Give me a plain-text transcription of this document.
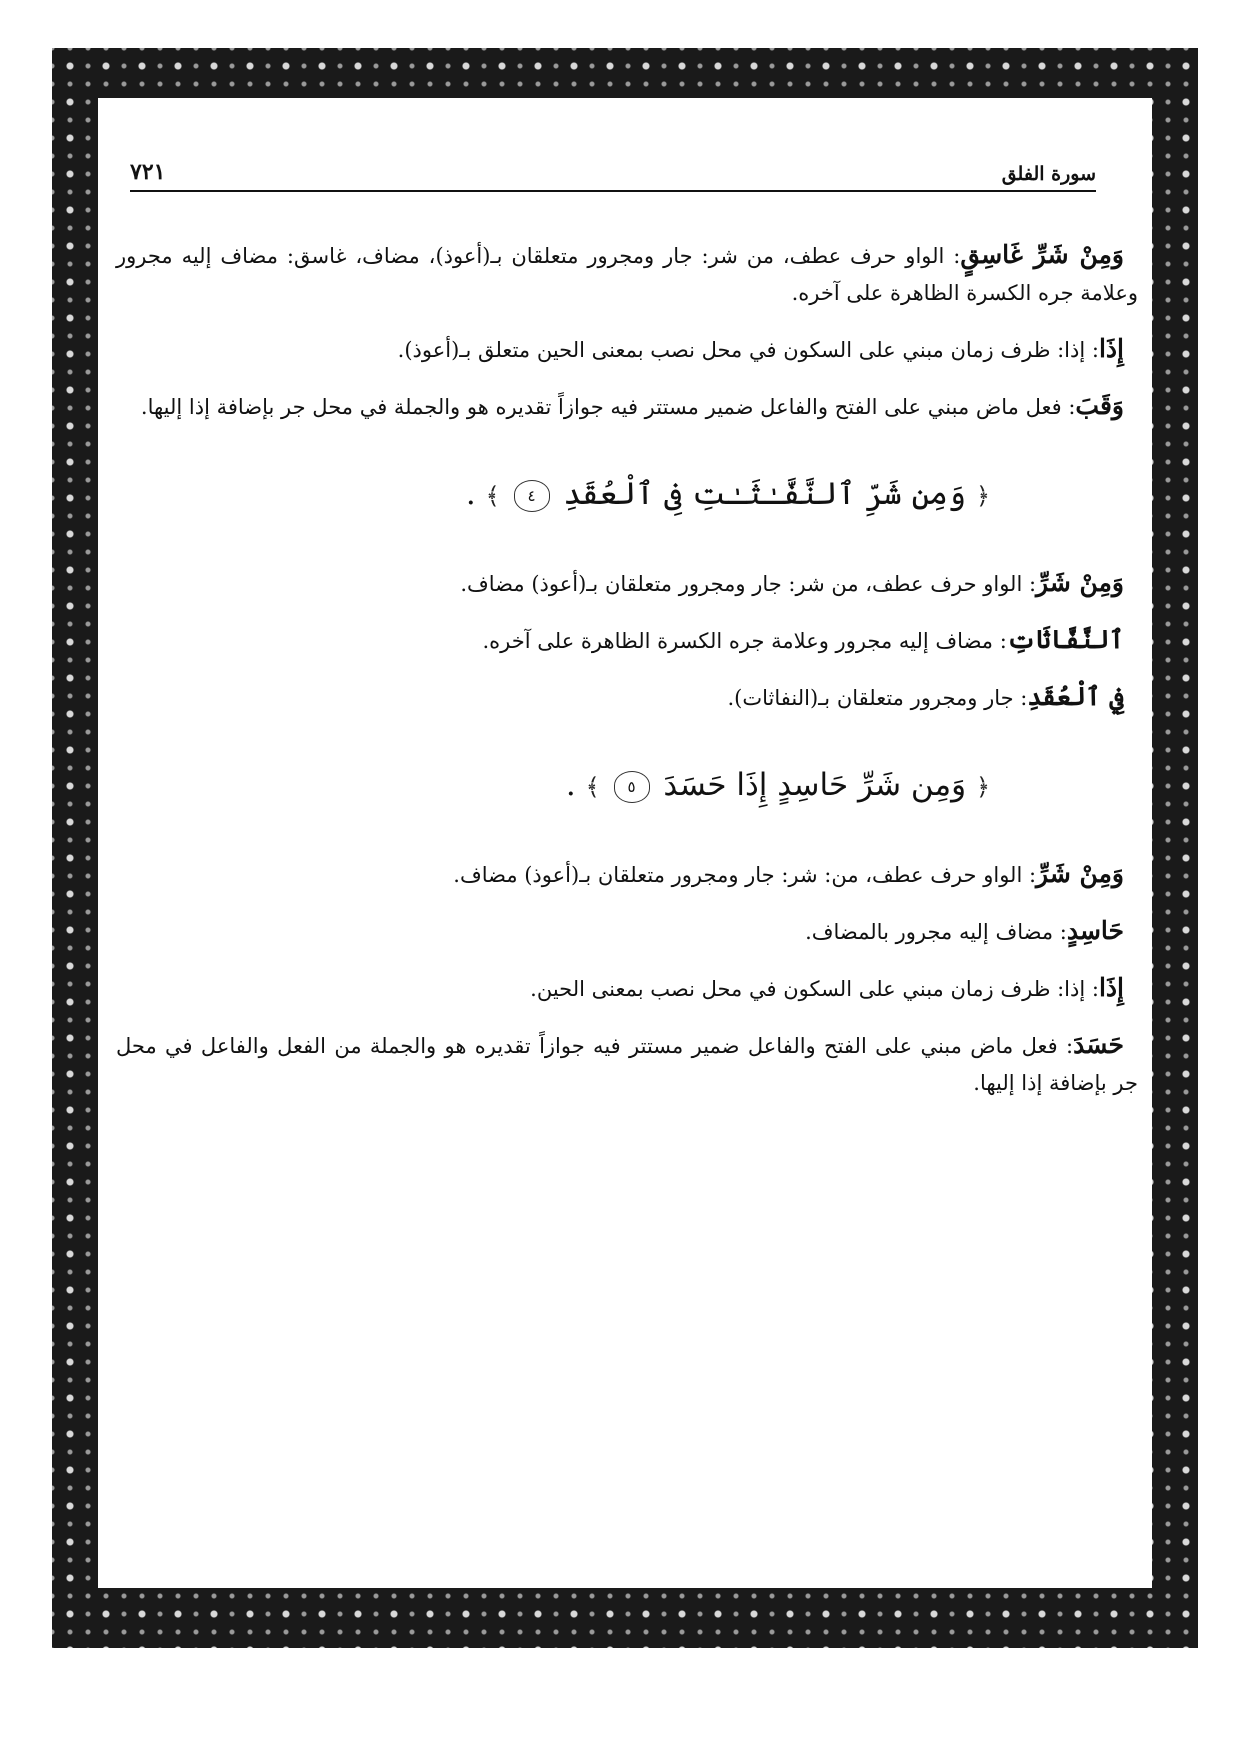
سورة الفلق
٧٢١

وَمِنْ شَرِّ غَاسِقٍ: الواو حرف عطف، من شر: جار ومجرور متعلقان بـ(أعوذ)، مضاف، غاسق: مضاف إليه مجرور وعلامة جره الكسرة الظاهرة على آخره.

إِذَا: إذا: ظرف زمان مبني على السكون في محل نصب بمعنى الحين متعلق بـ(أعوذ).

وَقَبَ: فعل ماض مبني على الفتح والفاعل ضمير مستتر فيه جوازاً تقديره هو والجملة في محل جر بإضافة إذا إليها.

﴿ وَمِن شَرِّ ٱلنَّفَّـٰثَـٰتِ فِى ٱلْعُقَدِ ٤ ﴾ .

وَمِنْ شَرِّ: الواو حرف عطف، من شر: جار ومجرور متعلقان بـ(أعوذ) مضاف.

ٱلنَّفَّاثَاتِ: مضاف إليه مجرور وعلامة جره الكسرة الظاهرة على آخره.

فِي ٱلْعُقَدِ: جار ومجرور متعلقان بـ(النفاثات).

﴿ وَمِن شَرِّ حَاسِدٍ إِذَا حَسَدَ ٥ ﴾ .

وَمِنْ شَرِّ: الواو حرف عطف، من: شر: جار ومجرور متعلقان بـ(أعوذ) مضاف.

حَاسِدٍ: مضاف إليه مجرور بالمضاف.

إِذَا: إذا: ظرف زمان مبني على السكون في محل نصب بمعنى الحين.

حَسَدَ: فعل ماض مبني على الفتح والفاعل ضمير مستتر فيه جوازاً تقديره هو والجملة من الفعل والفاعل في محل جر بإضافة إذا إليها.
